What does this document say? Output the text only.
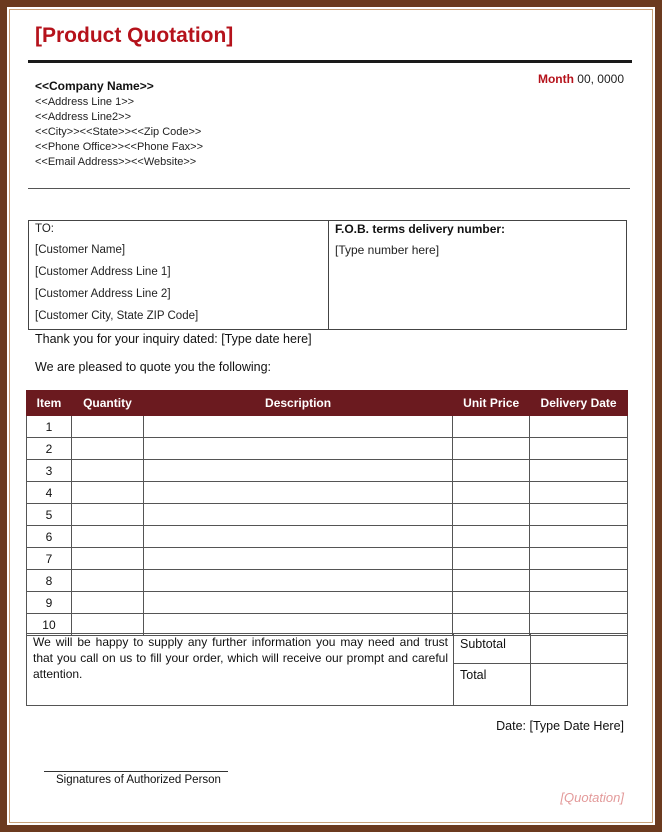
[Product Quotation]
Month 00, 0000
<<Company Name>>
<<Address Line 1>>
<<Address Line2>>
<<City>><<State>><<Zip Code>>
<<Phone Office>><<Phone Fax>>
<<Email Address>><<Website>>
TO:
[Customer Name]
[Customer Address Line 1]
[Customer Address Line 2]
[Customer City, State ZIP Code]
F.O.B. terms delivery number:
[Type number here]
Thank you for your inquiry dated: [Type date here]
We are pleased to quote you the following:
Item	Quantity	Description	Unit Price	Delivery Date
1				
2				
3				
4				
5				
6				
7				
8				
9				
10				
We will be happy to supply any further information you may need and trust that you call on us to fill your order, which will receive our prompt and careful attention.
Subtotal
Total
Date: [Type Date Here]
Signatures of Authorized Person
[Quotation]
